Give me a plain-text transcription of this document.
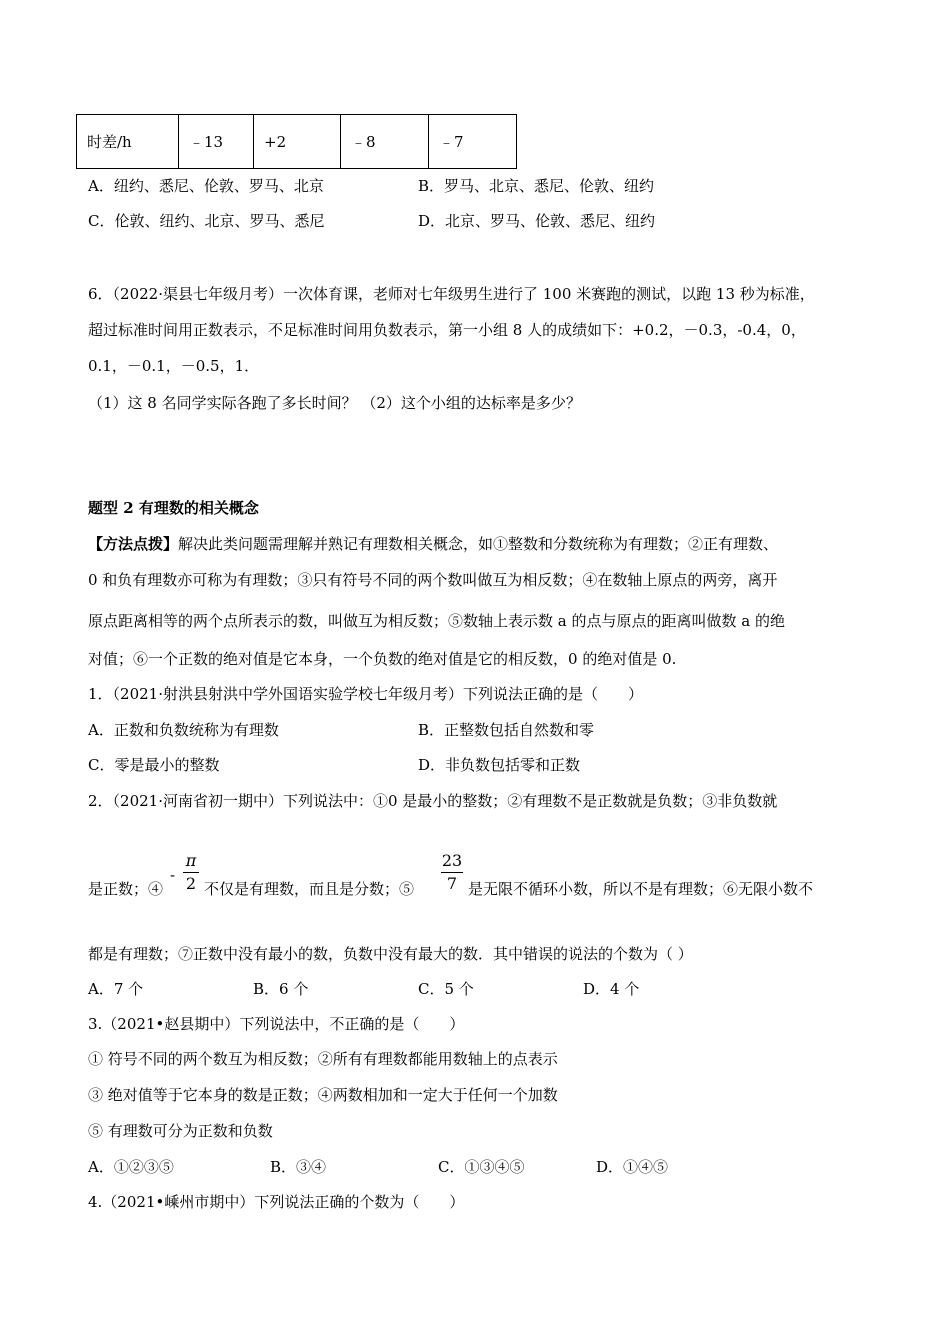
时差/h	﹣13	+2	﹣8	﹣7
A．纽约、悉尼、伦敦、罗马、北京	B．罗马、北京、悉尼、伦敦、纽约
C．伦敦、纽约、北京、罗马、悉尼	D．北京、罗马、伦敦、悉尼、纽约
6．（2022·渠县七年级月考）一次体育课，老师对七年级男生进行了 100 米赛跑的测试，以跑 13 秒为标准，
超过标准时间用正数表示，不足标准时间用负数表示，第一小组 8 人的成绩如下：+0.2，－0.3，-0.4，0，
0.1，－0.1，－0.5，1．
（1）这 8 名同学实际各跑了多长时间？ （2）这个小组的达标率是多少？
题型 2 有理数的相关概念
【方法点拨】解决此类问题需理解并熟记有理数相关概念，如①整数和分数统称为有理数；②正有理数、
0 和负有理数亦可称为有理数；③只有符号不同的两个数叫做互为相反数；④在数轴上原点的两旁，离开
原点距离相等的两个点所表示的数，叫做互为相反数；⑤数轴上表示数 a 的点与原点的距离叫做数 a 的绝
对值；⑥一个正数的绝对值是它本身，一个负数的绝对值是它的相反数，0 的绝对值是 0.
1．（2021·射洪县射洪中学外国语实验学校七年级月考）下列说法正确的是（　　）
A．正数和负数统称为有理数	B．正整数包括自然数和零
C．零是最小的整数	D．非负数包括零和正数
2．（2021·河南省初一期中）下列说法中：①0 是最小的整数；②有理数不是正数就是负数；③非负数就
是正数；④
-
π
2 不仅是有理数，而且是分数；⑤
23
7 是无限不循环小数，所以不是有理数；⑥无限小数不
都是有理数；⑦正数中没有最小的数，负数中没有最大的数．其中错误的说法的个数为（ ）
A．7 个	B．6 个	C．5 个	D．4 个
3.（2021•赵县期中）下列说法中，不正确的是（　　）
① 符号不同的两个数互为相反数；②所有有理数都能用数轴上的点表示
③ 绝对值等于它本身的数是正数；④两数相加和一定大于任何一个加数
⑤ 有理数可分为正数和负数
A．①②③⑤	B．③④	C．①③④⑤	D．①④⑤
4.（2021•嵊州市期中）下列说法正确的个数为（　　）
